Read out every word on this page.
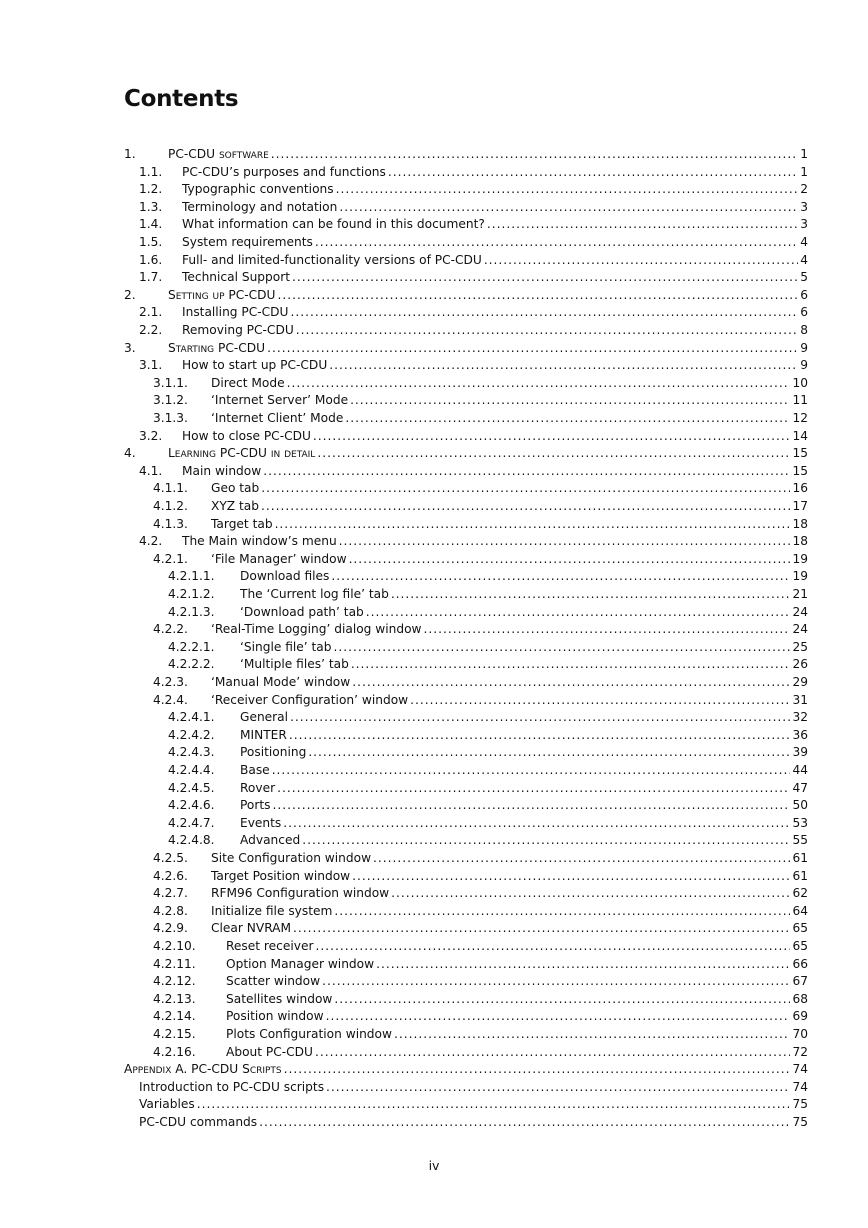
Contents
1.	PC-CDU software .....	1
1.1. PC-CDU’s purposes and functions .....	1
1.2. Typographic conventions .....	2
1.3. Terminology and notation .....	3
1.4. What information can be found in this document? .....	3
1.5. System requirements .....	4
1.6. Full- and limited-functionality versions of PC-CDU .....	4
1.7. Technical Support .....	5
2.	Setting up PC-CDU .....	6
2.1. Installing PC-CDU .....	6
2.2. Removing PC-CDU .....	8
3.	Starting PC-CDU .....	9
3.1. How to start up PC-CDU .....	9
3.1.1. Direct Mode .....	10
3.1.2. ‘Internet Server’ Mode .....	11
3.1.3. ‘Internet Client’ Mode .....	12
3.2. How to close PC-CDU .....	14
4.	Learning PC-CDU in detail .....	15
4.1. Main window .....	15
4.1.1. Geo tab .....	16
4.1.2. XYZ tab .....	17
4.1.3. Target tab .....	18
4.2. The Main window’s menu .....	18
4.2.1. ‘File Manager’ window .....	19
4.2.1.1. Download files .....	19
4.2.1.2. The ‘Current log file’ tab .....	21
4.2.1.3. ‘Download path’ tab .....	24
4.2.2. ‘Real-Time Logging’ dialog window .....	24
4.2.2.1. ‘Single file’ tab .....	25
4.2.2.2. ‘Multiple files’ tab .....	26
4.2.3. ‘Manual Mode’ window .....	29
4.2.4. ‘Receiver Configuration’ window .....	31
4.2.4.1. General .....	32
4.2.4.2. MINTER .....	36
4.2.4.3. Positioning .....	39
4.2.4.4. Base .....	44
4.2.4.5. Rover .....	47
4.2.4.6. Ports .....	50
4.2.4.7. Events .....	53
4.2.4.8. Advanced .....	55
4.2.5. Site Configuration window .....	61
4.2.6. Target Position window .....	61
4.2.7. RFM96 Configuration window .....	62
4.2.8. Initialize file system .....	64
4.2.9. Clear NVRAM .....	65
4.2.10. Reset receiver .....	65
4.2.11. Option Manager window .....	66
4.2.12. Scatter window .....	67
4.2.13. Satellites window .....	68
4.2.14. Position window .....	69
4.2.15. Plots Configuration window .....	70
4.2.16. About PC-CDU .....	72
Appendix A. PC-CDU Scripts .....	74
Introduction to PC-CDU scripts .....	74
Variables .....	75
PC-CDU commands .....	75
iv
